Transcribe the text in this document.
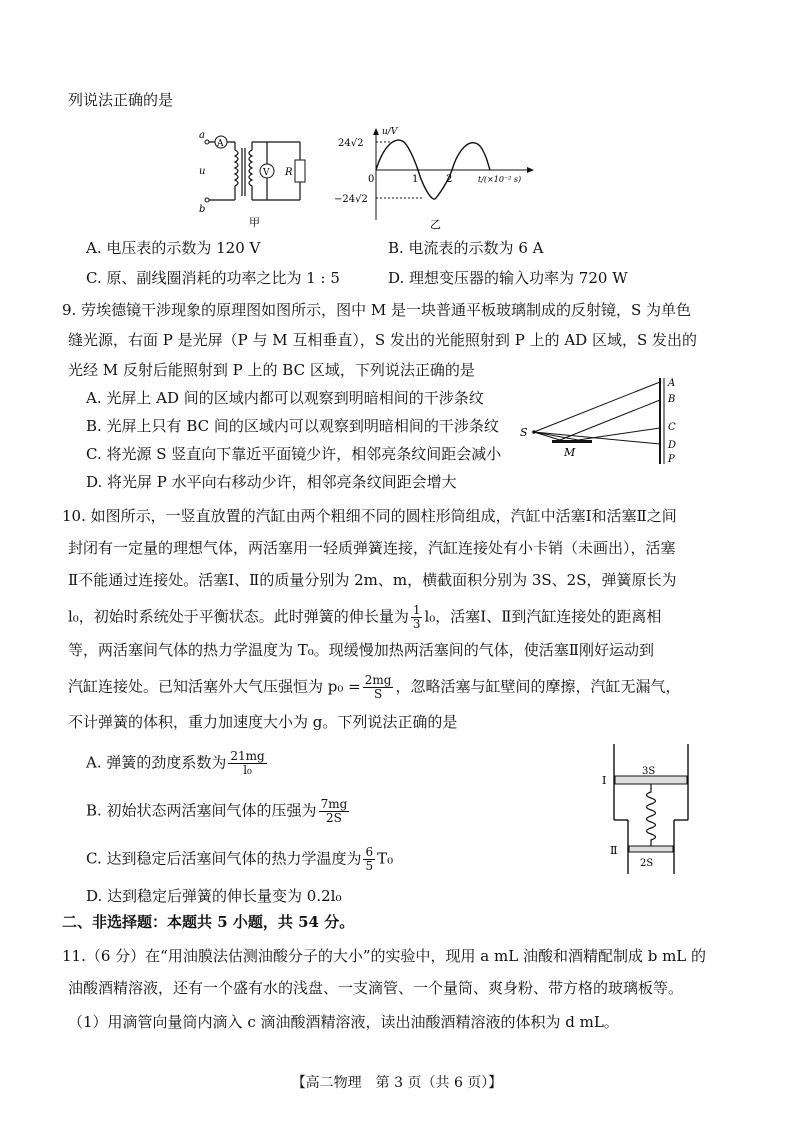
列说法正确的是
A
a
b
u	V R
甲
u/V
24√2
−24√2
0	1	2	t/(×10⁻² s)
乙
A. 电压表的示数为 120 V	B. 电流表的示数为 6 A
C. 原、副线圈消耗的功率之比为 1 : 5	D. 理想变压器的输入功率为 720 W
9. 劳埃德镜干涉现象的原理图如图所示，图中 M 是一块普通平板玻璃制成的反射镜，S 为单色
缝光源，右面 P 是光屏（P 与 M 互相垂直），S 发出的光能照射到 P 上的 AD 区域，S 发出的
光经 M 反射后能照射到 P 上的 BC 区域，下列说法正确的是
A. 光屏上 AD 间的区域内都可以观察到明暗相间的干涉条纹
B. 光屏上只有 BC 间的区域内可以观察到明暗相间的干涉条纹
C. 将光源 S 竖直向下靠近平面镜少许，相邻亮条纹间距会减小
D. 将光屏 P 水平向右移动少许，相邻亮条纹间距会增大
S
M
A
B
C
D
P
10. 如图所示，一竖直放置的汽缸由两个粗细不同的圆柱形筒组成，汽缸中活塞Ⅰ和活塞Ⅱ之间
封闭有一定量的理想气体，两活塞用一轻质弹簧连接，汽缸连接处有小卡销（未画出），活塞
Ⅱ不能通过连接处。活塞Ⅰ、Ⅱ的质量分别为 2m、m，横截面积分别为 3S、2S，弹簧原长为
l₀，初始时系统处于平衡状态。此时弹簧的伸长量为 $\frac{1}{3} l_0$，活塞Ⅰ、Ⅱ到汽缸连接处的距离相
等，两活塞间气体的热力学温度为 T₀。现缓慢加热两活塞间的气体，使活塞Ⅱ刚好运动到
汽缸连接处。已知活塞外大气压强恒为 $p_0 = \frac{2mg}{S}$ ，忽略活塞与缸壁间的摩擦，汽缸无漏气，
不计弹簧的体积，重力加速度大小为 g。下列说法正确的是
A. 弹簧的劲度系数为 $\frac{21mg}{\text{l₀}}$
B. 初始状态两活塞间气体的压强为 $\frac{7mg}{2S}$
C. 达到稳定后活塞间气体的热力学温度为 $\frac{6}{5} T_0$
D. 达到稳定后弹簧的伸长量变为 0.2l₀
3S
Ⅰ
Ⅱ
2S
二、非选择题：本题共 5 小题，共 54 分。
11.（6 分）在“用油膜法估测油酸分子的大小”的实验中，现用 a mL 油酸和酒精配制成 b mL 的
油酸酒精溶液，还有一个盛有水的浅盘、一支滴管、一个量筒、爽身粉、带方格的玻璃板等。
（1）用滴管向量筒内滴入 c 滴油酸酒精溶液，读出油酸酒精溶液的体积为 d mL。
【高二物理　第 3 页（共 6 页）】
